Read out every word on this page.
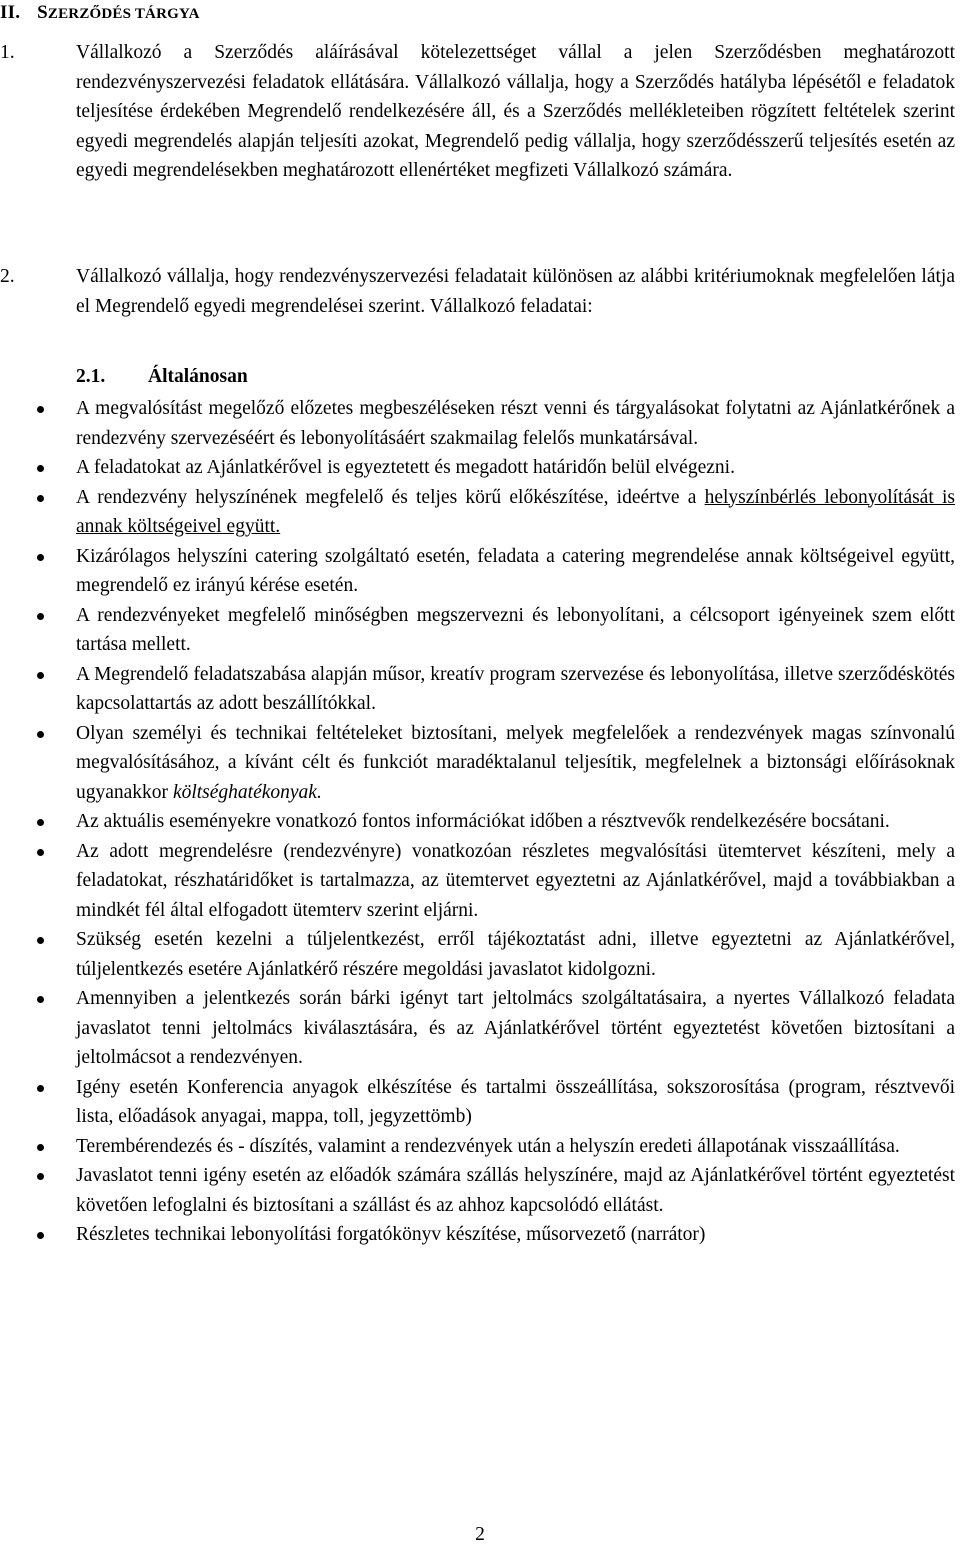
II. SZERZŐDÉS TÁRGYA
1.	Vállalkozó a Szerződés aláírásával kötelezettséget vállal a jelen Szerződésben meghatározott rendezvényszervezési feladatok ellátására. Vállalkozó vállalja, hogy a Szerződés hatályba lépésétől e feladatok teljesítése érdekében Megrendelő rendelkezésére áll, és a Szerződés mellékleteiben rögzített feltételek szerint egyedi megrendelés alapján teljesíti azokat, Megrendelő pedig vállalja, hogy szerződésszerű teljesítés esetén az egyedi megrendelésekben meghatározott ellenértéket megfizeti Vállalkozó számára.
2.	Vállalkozó vállalja, hogy rendezvényszervezési feladatait különösen az alábbi kritériumoknak megfelelően látja el Megrendelő egyedi megrendelései szerint. Vállalkozó feladatai:
2.1. Általánosan
A megvalósítást megelőző előzetes megbeszéléseken részt venni és tárgyalásokat folytatni az Ajánlatkérőnek a rendezvény szervezéséért és lebonyolításáért szakmailag felelős munkatársával.
A feladatokat az Ajánlatkérővel is egyeztetett és megadott határidőn belül elvégezni.
A rendezvény helyszínének megfelelő és teljes körű előkészítése, ideértve a helyszínbérlés lebonyolítását is annak költségeivel együtt.
Kizárólagos helyszíni catering szolgáltató esetén, feladata a catering megrendelése annak költségeivel együtt, megrendelő ez irányú kérése esetén.
A rendezvényeket megfelelő minőségben megszervezni és lebonyolítani, a célcsoport igényeinek szem előtt tartása mellett.
A Megrendelő feladatszabása alapján műsor, kreatív program szervezése és lebonyolítása, illetve szerződéskötés kapcsolattartás az adott beszállítókkal.
Olyan személyi és technikai feltételeket biztosítani, melyek megfelelőek a rendezvények magas színvonalú megvalósításához, a kívánt célt és funkciót maradéktalanul teljesítik, megfelelnek a biztonsági előírásoknak ugyanakkor költséghatékonyak.
Az aktuális eseményekre vonatkozó fontos információkat időben a résztvevők rendelkezésére bocsátani.
Az adott megrendelésre (rendezvényre) vonatkozóan részletes megvalósítási ütemtervet készíteni, mely a feladatokat, részhatáridőket is tartalmazza, az ütemtervet egyeztetni az Ajánlatkérővel, majd a továbbiakban a mindkét fél által elfogadott ütemterv szerint eljárni.
Szükség esetén kezelni a túljelentkezést, erről tájékoztatást adni, illetve egyeztetni az Ajánlatkérővel, túljelentkezés esetére Ajánlatkérő részére megoldási javaslatot kidolgozni.
Amennyiben a jelentkezés során bárki igényt tart jeltolmács szolgáltatásaira, a nyertes Vállalkozó feladata javaslatot tenni jeltolmács kiválasztására, és az Ajánlatkérővel történt egyeztetést követően biztosítani a jeltolmácsot a rendezvényen.
Igény esetén Konferencia anyagok elkészítése és tartalmi összeállítása, sokszorosítása (program, résztvevői lista, előadások anyagai, mappa, toll, jegyzettömb)
Terembérendezés és - díszítés, valamint a rendezvények után a helyszín eredeti állapotának visszaállítása.
Javaslatot tenni igény esetén az előadók számára szállás helyszínére, majd az Ajánlatkérővel történt egyeztetést követően lefoglalni és biztosítani a szállást és az ahhoz kapcsolódó ellátást.
Részletes technikai lebonyolítási forgatókönyv készítése, műsorvezető (narrátor)
2
